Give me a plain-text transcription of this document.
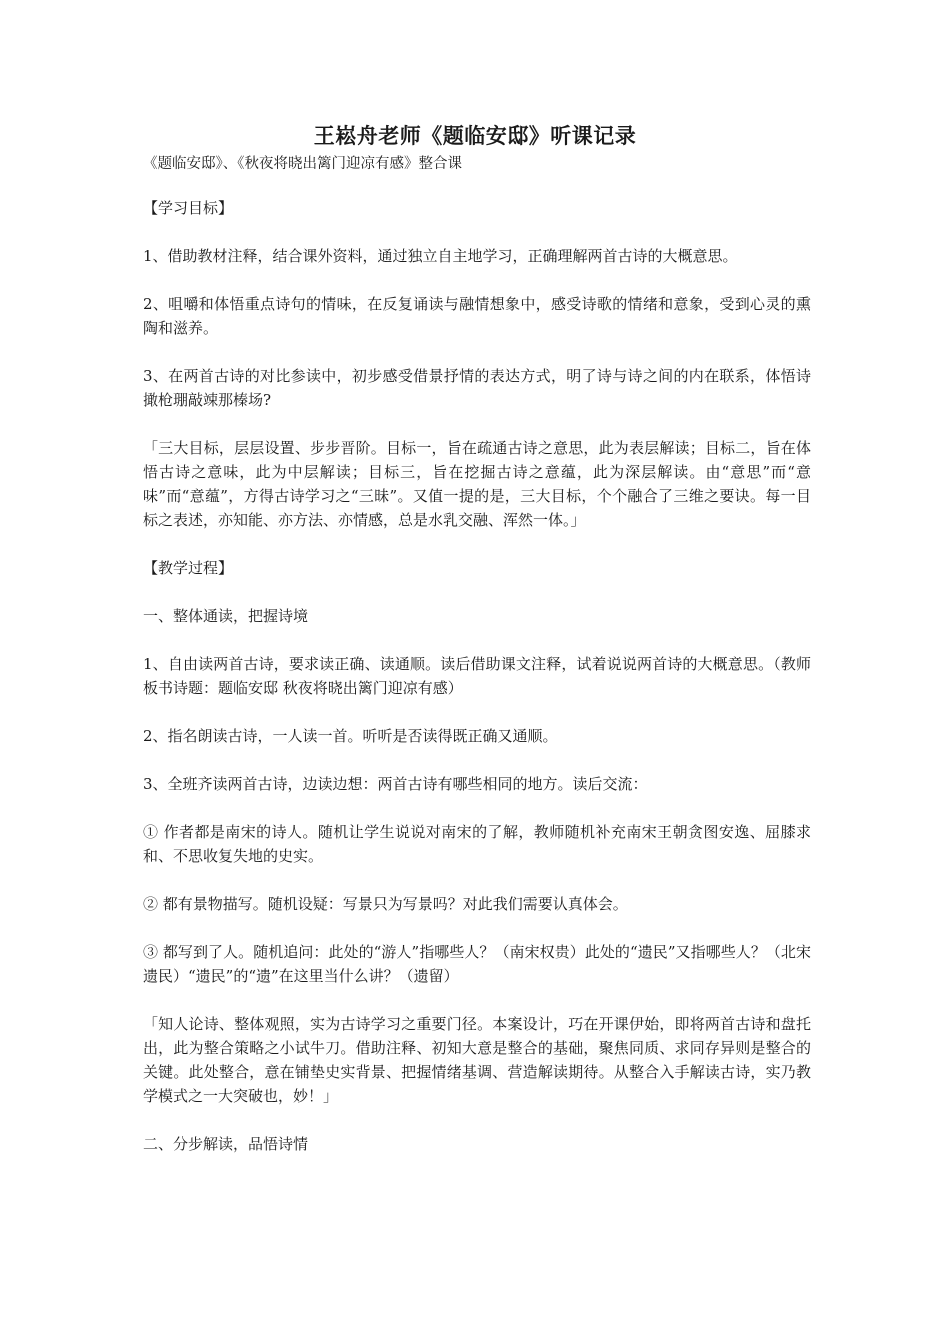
王崧舟老师《题临安邸》听课记录

《题临安邸》、《秋夜将晓出篱门迎凉有感》整合课

【学习目标】

1、借助教材注释，结合课外资料，通过独立自主地学习，正确理解两首古诗的大概意思。

2、咀嚼和体悟重点诗句的情味，在反复诵读与融情想象中，感受诗歌的情绪和意象，受到心灵的熏陶和滋养。

3、在两首古诗的对比参读中，初步感受借景抒情的表达方式，明了诗与诗之间的内在联系，体悟诗撖枪㻚敲竦那榛场?

「三大目标，层层设置、步步晋阶。目标一，旨在疏通古诗之意思，此为表层解读；目标二，旨在体悟古诗之意味，此为中层解读；目标三，旨在挖掘古诗之意蕴，此为深层解读。由“意思”而“意味”而“意蕴”，方得古诗学习之“三昧”。又值一提的是，三大目标，个个融合了三维之要诀。每一目标之表述，亦知能、亦方法、亦情感，总是水乳交融、浑然一体。」

【教学过程】

一、整体通读，把握诗境

1、自由读两首古诗，要求读正确、读通顺。读后借助课文注释，试着说说两首诗的大概意思。（教师板书诗题：题临安邸 秋夜将晓出篱门迎凉有感）

2、指名朗读古诗，一人读一首。听听是否读得既正确又通顺。

3、全班齐读两首古诗，边读边想：两首古诗有哪些相同的地方。读后交流：

① 作者都是南宋的诗人。随机让学生说说对南宋的了解，教师随机补充南宋王朝贪图安逸、屈膝求和、不思收复失地的史实。

② 都有景物描写。随机设疑：写景只为写景吗？对此我们需要认真体会。

③ 都写到了人。随机追问：此处的“游人”指哪些人？（南宋权贵）此处的“遗民”又指哪些人？（北宋遗民）“遗民”的“遗”在这里当什么讲？（遗留）

「知人论诗、整体观照，实为古诗学习之重要门径。本案设计，巧在开课伊始，即将两首古诗和盘托出，此为整合策略之小试牛刀。借助注释、初知大意是整合的基础，聚焦同质、求同存异则是整合的关键。此处整合，意在铺垫史实背景、把握情绪基调、营造解读期待。从整合入手解读古诗，实乃教学模式之一大突破也，妙！」

二、分步解读，品悟诗情
